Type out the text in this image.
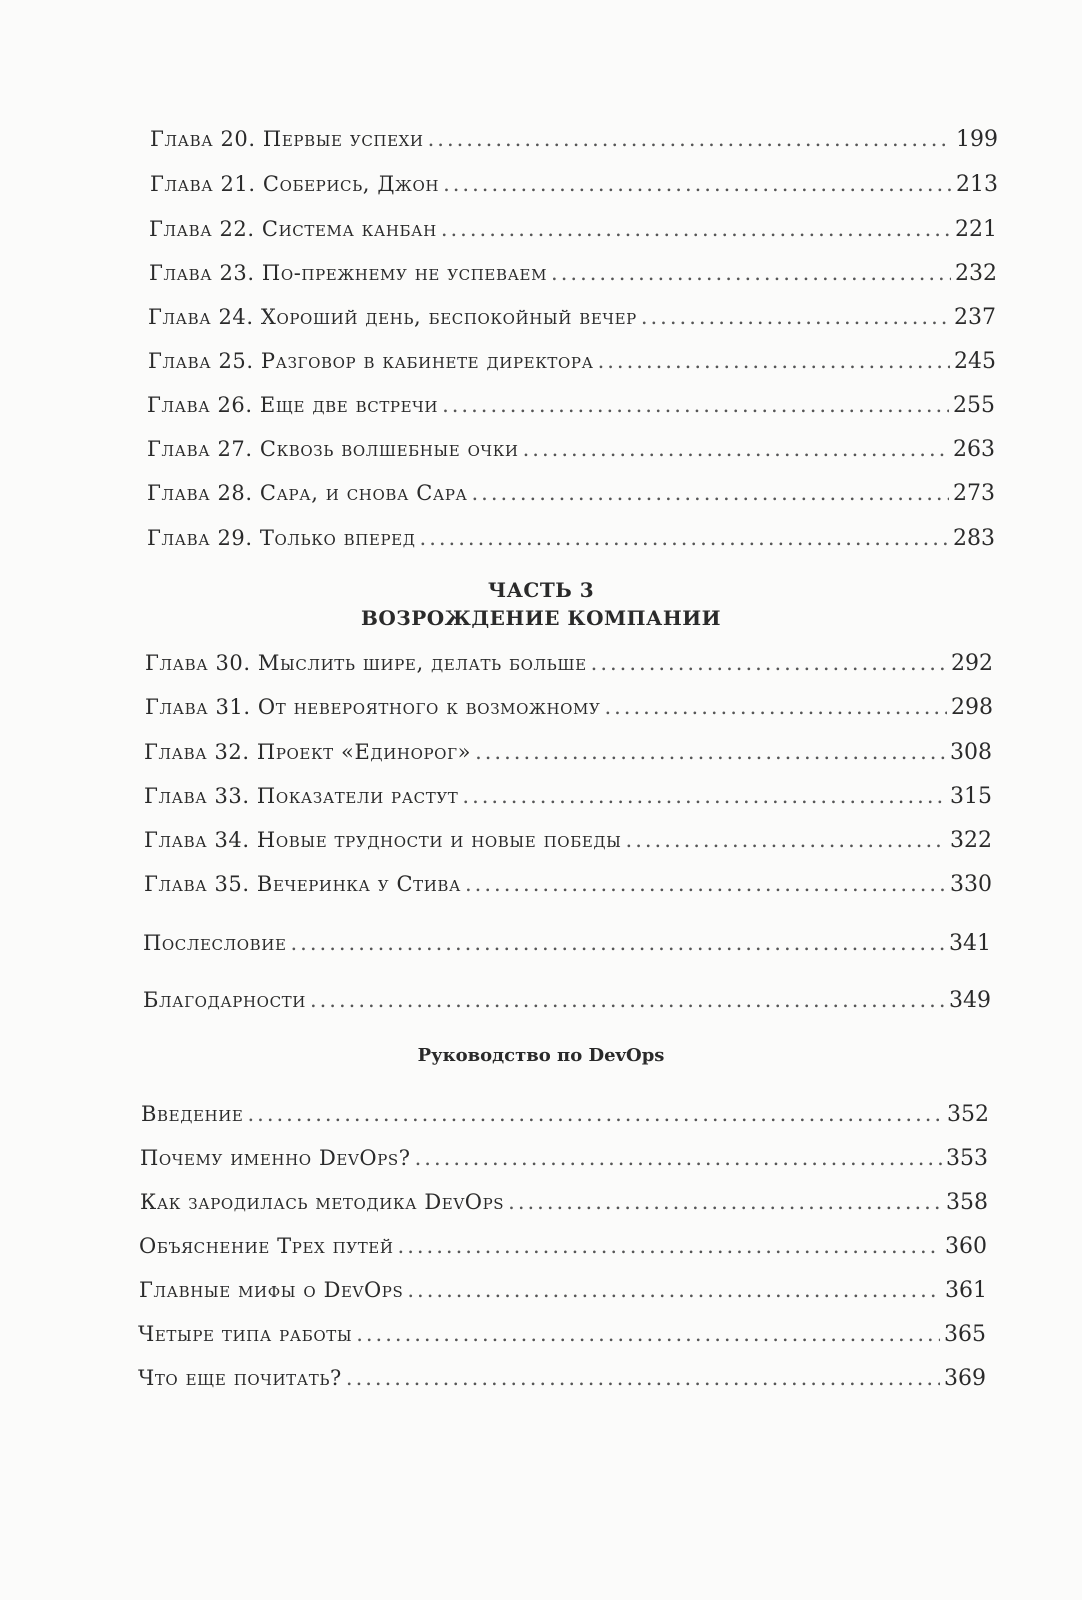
Глава 20. Первые успехи .....	199
Глава 21. Соберись, Джон .....	213
Глава 22. Система канбан .....	221
Глава 23. По-прежнему не успеваем .....	232
Глава 24. Хороший день, беспокойный вечер .....	237
Глава 25. Разговор в кабинете директора .....	245
Глава 26. Еще две встречи .....	255
Глава 27. Сквозь волшебные очки .....	263
Глава 28. Сара, и снова Сара .....	273
Глава 29. Только вперед .....	283
ЧАСТЬ 3
ВОЗРОЖДЕНИЕ КОМПАНИИ
Глава 30. Мыслить шире, делать больше .....	292
Глава 31. От невероятного к возможному .....	298
Глава 32. Проект «Единорог» .....	308
Глава 33. Показатели растут .....	315
Глава 34. Новые трудности и новые победы .....	322
Глава 35. Вечеринка у Стива .....	330
Послесловие .....	341
Благодарности .....	349
Руководство по DevOps
Введение .....	352
Почему именно DevOps? .....	353
Как зародилась методика DevOps .....	358
Объяснение Трех путей .....	360
Главные мифы о DevOps .....	361
Четыре типа работы .....	365
Что еще почитать? .....	369
